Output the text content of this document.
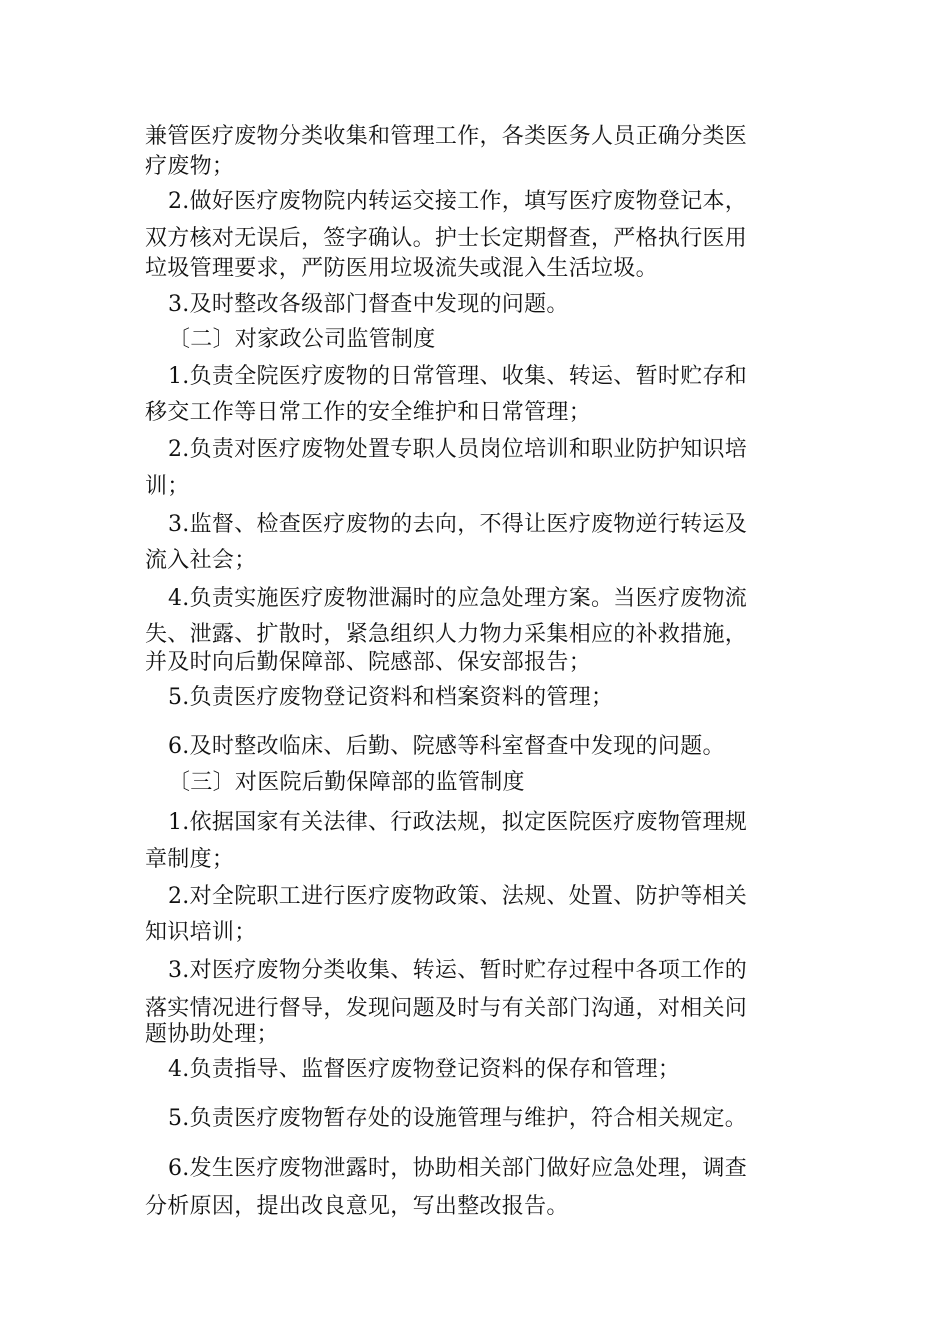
兼管医疗废物分类收集和管理工作，各类医务人员正确分类医
疗废物；
2.做好医疗废物院内转运交接工作，填写医疗废物登记本，
双方核对无误后，签字确认。护士长定期督查，严格执行医用
垃圾管理要求，严防医用垃圾流失或混入生活垃圾。
3.及时整改各级部门督查中发现的问题。
〔二〕对家政公司监管制度
1.负责全院医疗废物的日常管理、收集、转运、暂时贮存和
移交工作等日常工作的安全维护和日常管理；
2.负责对医疗废物处置专职人员岗位培训和职业防护知识培
训；
3.监督、检查医疗废物的去向，不得让医疗废物逆行转运及
流入社会；
4.负责实施医疗废物泄漏时的应急处理方案。当医疗废物流
失、泄露、扩散时，紧急组织人力物力采集相应的补救措施，
并及时向后勤保障部、院感部、保安部报告；
5.负责医疗废物登记资料和档案资料的管理；
6.及时整改临床、后勤、院感等科室督查中发现的问题。
〔三〕对医院后勤保障部的监管制度
1.依据国家有关法律、行政法规，拟定医院医疗废物管理规
章制度；
2.对全院职工进行医疗废物政策、法规、处置、防护等相关
知识培训；
3.对医疗废物分类收集、转运、暂时贮存过程中各项工作的
落实情况进行督导，发现问题及时与有关部门沟通，对相关问
题协助处理；
4.负责指导、监督医疗废物登记资料的保存和管理；
5.负责医疗废物暂存处的设施管理与维护，符合相关规定。
6.发生医疗废物泄露时，协助相关部门做好应急处理，调查
分析原因，提出改良意见，写出整改报告。
